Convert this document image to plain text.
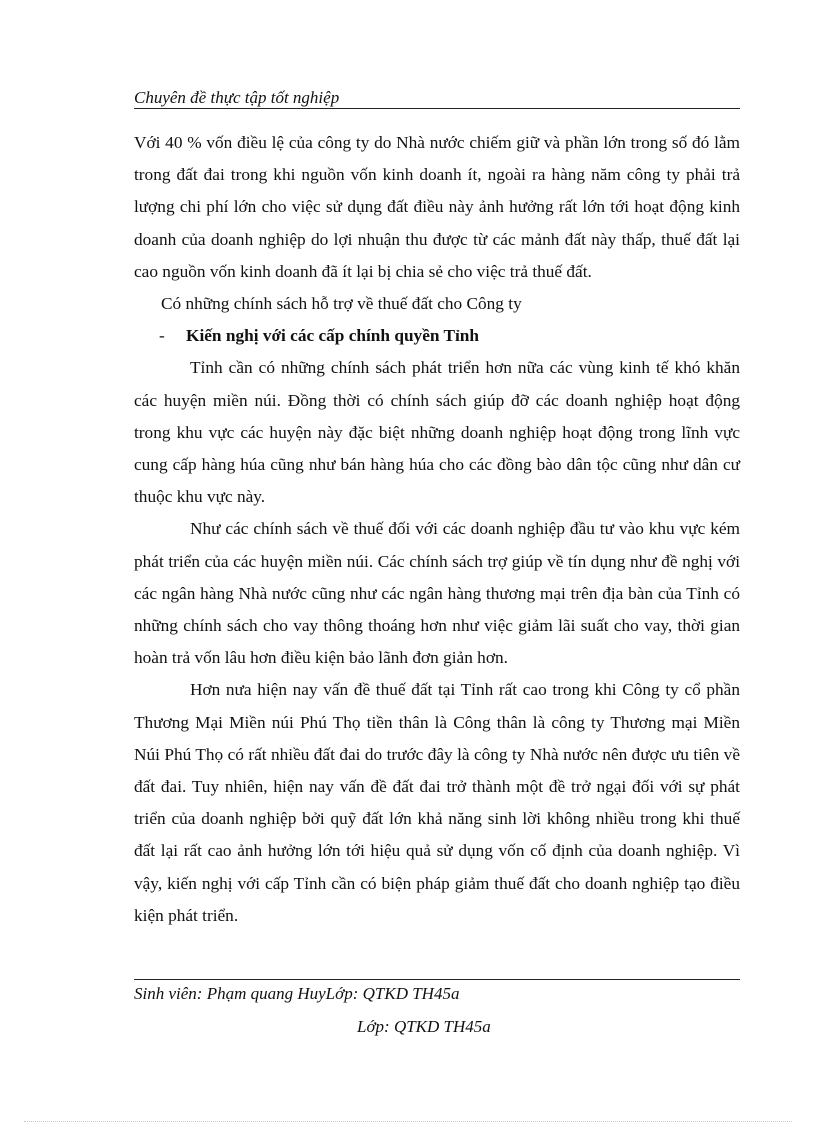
Chuyên đề thực tập tốt nghiệp

Với 40 % vốn điều lệ của công ty do Nhà nước chiếm giữ và phần lớn trong số đó lằm trong đất đai trong khi nguồn vốn kinh doanh ít, ngoài ra hàng năm công ty phải trả lượng chi phí lớn cho việc sử dụng đất điều này ảnh hưởng rất lớn tới hoạt động kinh doanh của doanh nghiệp do lợi nhuận thu được từ các mảnh đất này thấp, thuế đất lại cao nguồn vốn kinh doanh đã ít lại bị chia sẻ cho việc trả thuế đất.

Có những chính sách hỗ trợ về thuế đất cho Công ty

-	Kiến nghị với các cấp chính quyền Tỉnh

Tỉnh cần có những chính sách phát triển hơn nữa các vùng kinh tế khó khăn các huyện miền núi. Đồng thời có chính sách giúp đỡ các doanh nghiệp hoạt động trong khu vực các huyện này đặc biệt những doanh nghiệp hoạt động trong lĩnh vực cung cấp hàng húa cũng như bán hàng húa cho các đồng bào dân tộc cũng như dân cư thuộc khu vực này.

Như các chính sách về thuế đối với các doanh nghiệp đầu tư vào khu vực kém phát triển của các huyện miền núi. Các chính sách trợ giúp về tín dụng như đề nghị với các ngân hàng Nhà nước cũng như các ngân hàng thương mại trên địa bàn của Tỉnh có những chính sách cho vay thông thoáng hơn như việc giảm lãi suất cho vay, thời gian hoàn trả vốn lâu hơn điều kiện bảo lãnh đơn giản hơn.

Hơn nưa hiện nay vấn đề thuế đất tại Tỉnh rất cao trong khi Công ty cổ phần Thương Mại Miền núi Phú Thọ tiền thân là Công thân là công ty Thương mại Miền Núi Phú Thọ có rất nhiều đất đai do trước đây là công ty Nhà nước nên được ưu tiên về đất đai. Tuy nhiên, hiện nay vấn đề đất đai trở thành một đề trở ngại đối với sự phát triển của doanh nghiệp bởi quỹ đất lớn khả năng sinh lời không nhiều trong khi thuế đất lại rất cao ảnh hưởng lớn tới hiệu quả sử dụng vốn cố định của doanh nghiệp. Vì vậy, kiến nghị với cấp Tỉnh cần có biện pháp giảm thuế đất cho doanh nghiệp tạo điều kiện phát triển.

Sinh viên: Phạm quang HuyLớp: QTKD TH45a
Lớp: QTKD TH45a
